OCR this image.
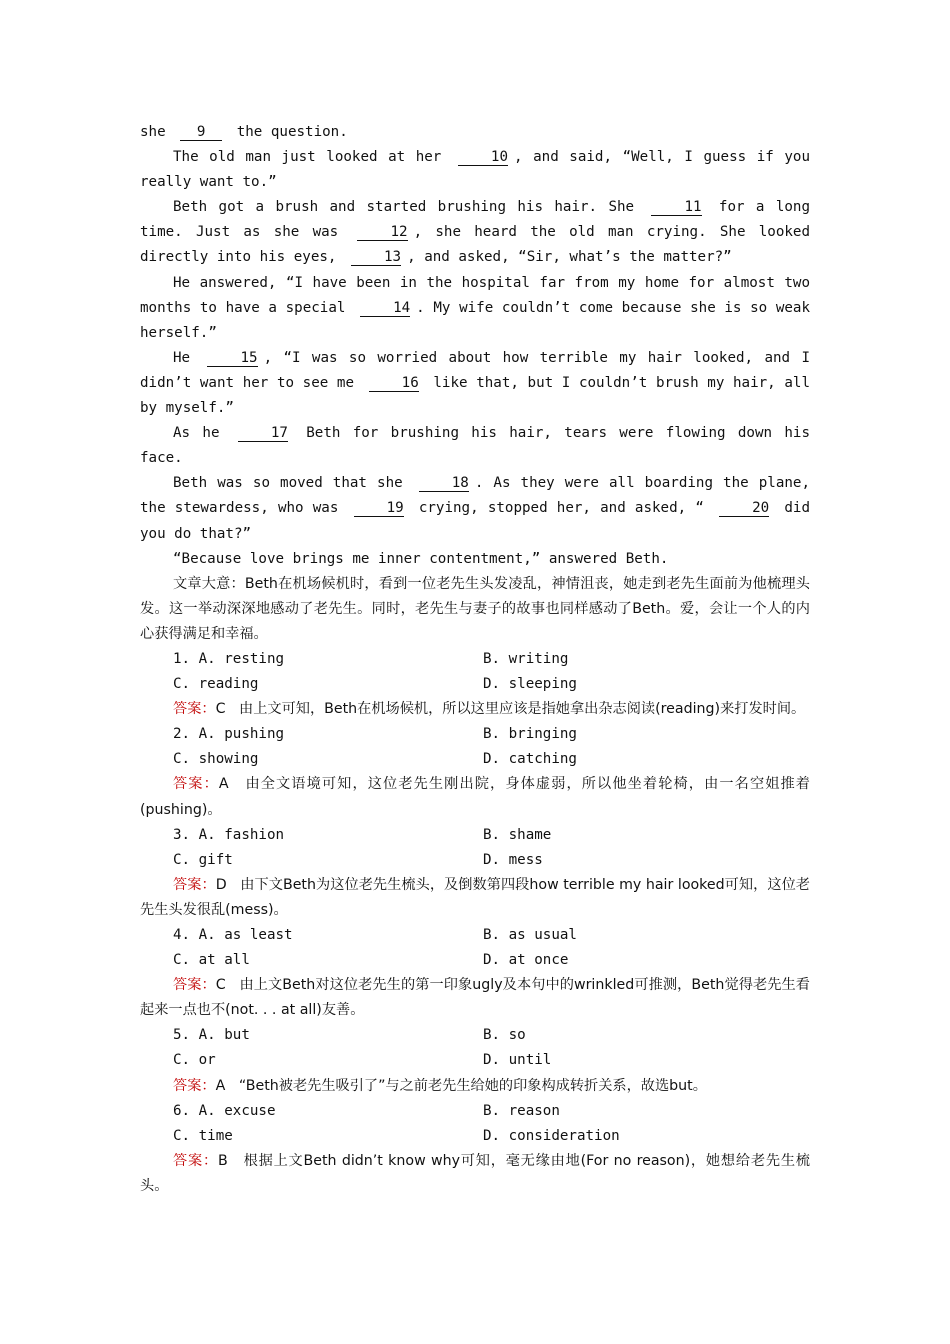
she 9 the question.
The old man just looked at her	10 , and said, “Well, I guess if you really want to.”
Beth got a brush and started brushing his hair. She	11 for a long time. Just as she was	12 , she heard the old man crying. She looked directly into his eyes,	13 , and asked, “Sir, what’s the matter?”
He answered, “I have been in the hospital far from my home for almost two months to have a special	14 . My wife couldn’t come because she is so weak herself.”
He	15 , “I was so worried about how terrible my hair looked, and I didn’t want her to see me	16 like that, but I couldn’t brush my hair, all by myself.”
As he	17 Beth for brushing his hair, tears were flowing down his face.
Beth was so moved that she	18 . As they were all boarding the plane, the stewardess, who was	19 crying, stopped her, and asked, “	20 did you do that?”
“Because love brings me inner contentment,” answered Beth.
文章大意：Beth在机场候机时，看到一位老先生头发凌乱，神情沮丧，她走到老先生面前为他梳理头发。这一举动深深地感动了老先生。同时，老先生与妻子的故事也同样感动了Beth。爱，会让一个人的内心获得满足和幸福。
1. A. resting	B. writing
C. reading	D. sleeping
答案：C 由上文可知，Beth在机场候机，所以这里应该是指她拿出杂志阅读(reading)来打发时间。
2. A. pushing	B. bringing
C. showing	D. catching
答案：A 由全文语境可知，这位老先生刚出院，身体虚弱，所以他坐着轮椅，由一名空姐推着(pushing)。
3. A. fashion	B. shame
C. gift	D. mess
答案：D 由下文Beth为这位老先生梳头，及倒数第四段how terrible my hair looked可知，这位老先生头发很乱(mess)。
4. A. as least	B. as usual
C. at all	D. at once
答案：C 由上文Beth对这位老先生的第一印象ugly及本句中的wrinkled可推测，Beth觉得老先生看起来一点也不(not. . . at all)友善。
5. A. but	B. so
C. or	D. until
答案：A “Beth被老先生吸引了”与之前老先生给她的印象构成转折关系，故选but。
6. A. excuse	B. reason
C. time	D. consideration
答案：B 根据上文Beth didn’t know why可知，毫无缘由地(For no reason)，她想给老先生梳头。
